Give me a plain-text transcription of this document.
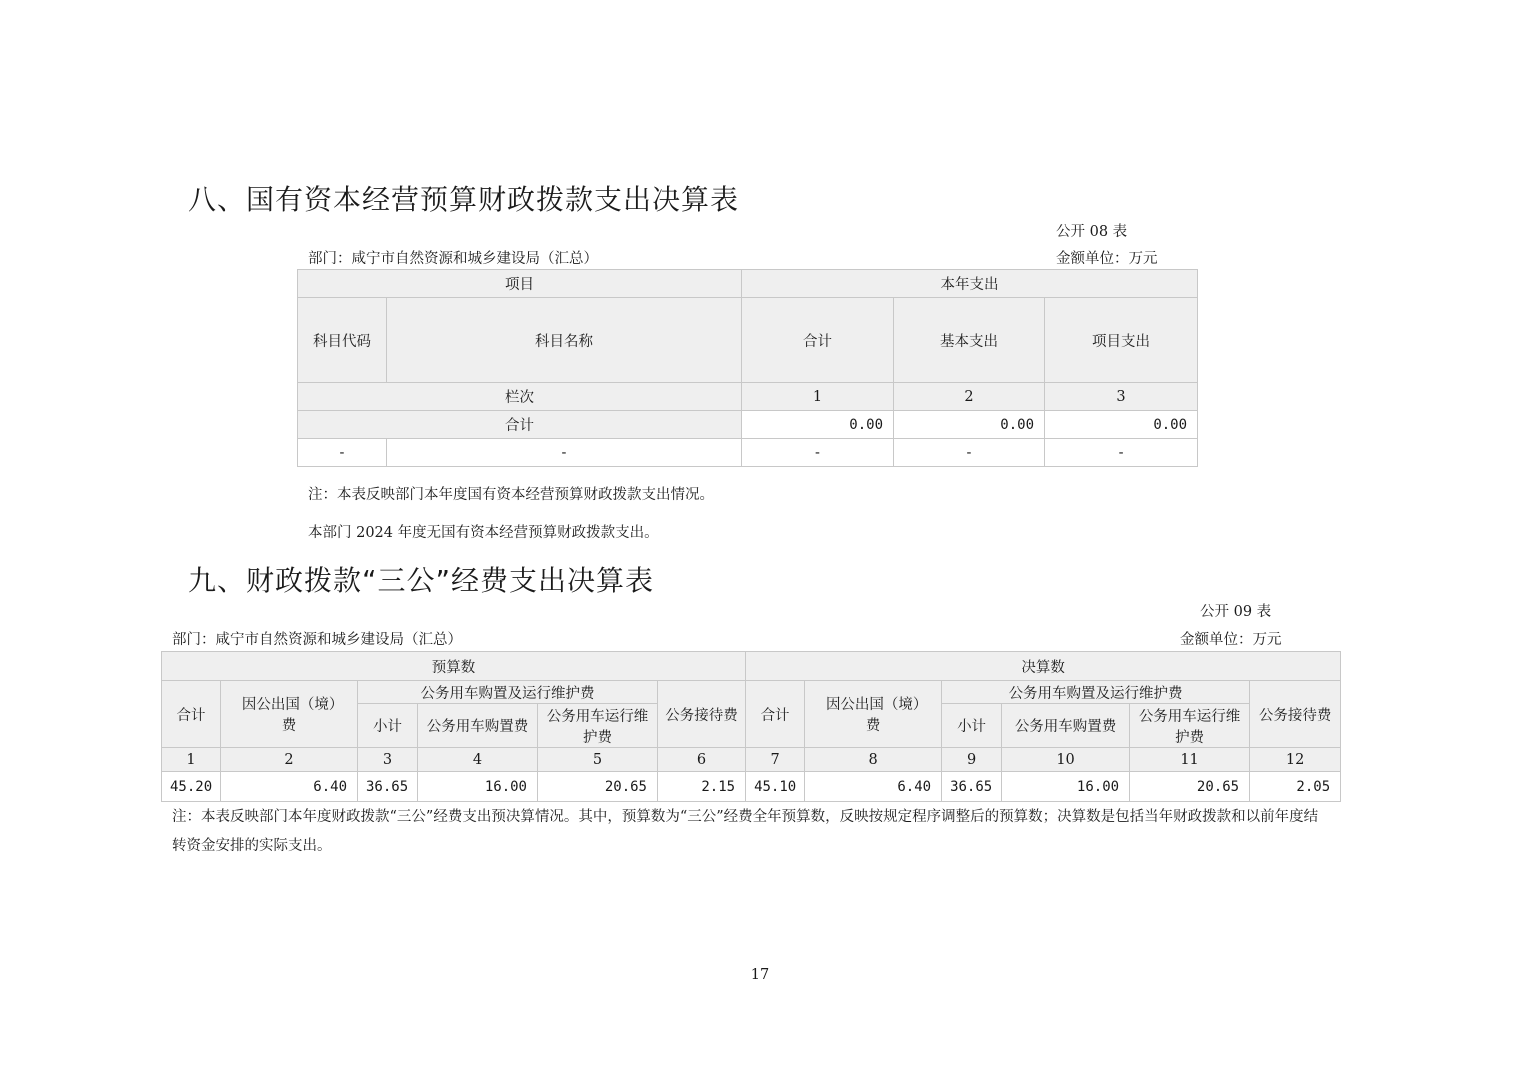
八、国有资本经营预算财政拨款支出决算表
公开 08 表
部门：咸宁市自然资源和城乡建设局（汇总）	金额单位：万元
项目		本年支出		
科目代码	科目名称	合计	基本支出	项目支出
栏次		1	2	3
合计		0.00	0.00	0.00
-	-	-	-	-
注：本表反映部门本年度国有资本经营预算财政拨款支出情况。
本部门 2024 年度无国有资本经营预算财政拨款支出。
九、财政拨款“三公”经费支出决算表
公开 09 表
部门：咸宁市自然资源和城乡建设局（汇总）	金额单位：万元
预算数						决算数					
合计	因公出国（境）费	公务用车购置及运行维护费			公务接待费	合计	因公出国（境）费	公务用车购置及运行维护费			公务接待费
		小计	公务用车购置费	公务用车运行维护费				小计	公务用车购置费	公务用车运行维护费	
1	2	3	4	5	6	7	8	9	10	11	12
45.20	6.40	36.65	16.00	20.65	2.15	45.10	6.40	36.65	16.00	20.65	2.05
注：本表反映部门本年度财政拨款“三公”经费支出预决算情况。其中，预算数为“三公”经费全年预算数，反映按规定程序调整后的预算数；决算数是包括当年财政拨款和以前年度结转资金安排的实际支出。
17
